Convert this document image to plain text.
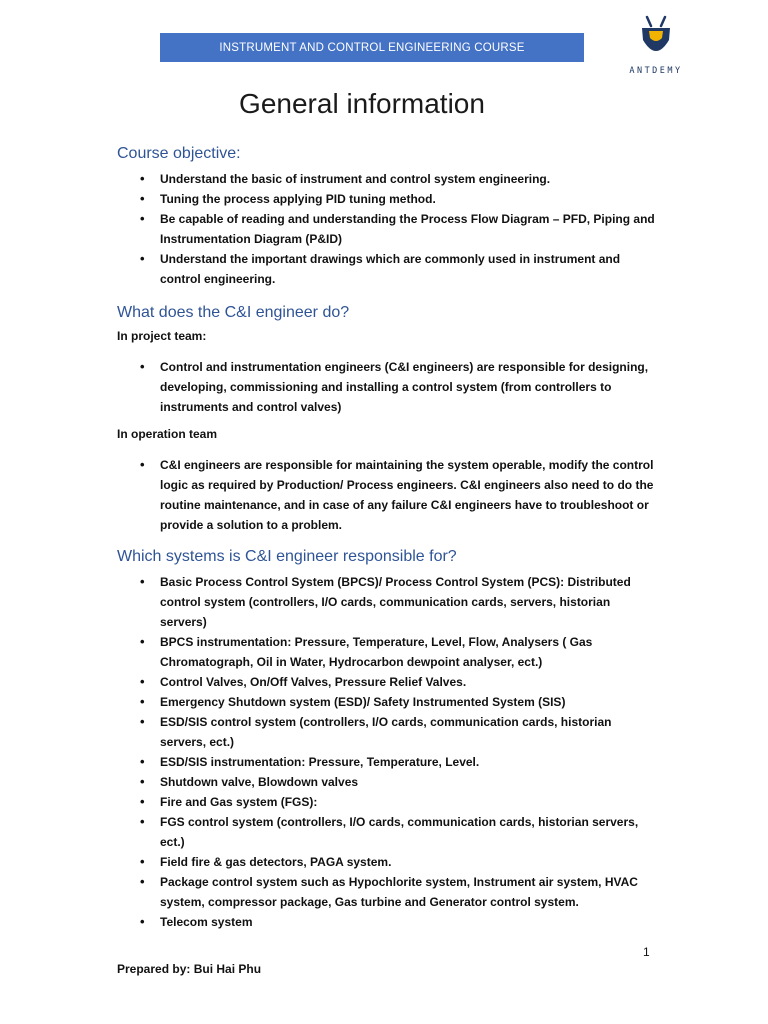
INSTRUMENT AND CONTROL ENGINEERING COURSE
ANTDEMY
General information
Course objective:
• Understand the basic of instrument and control system engineering.
• Tuning the process applying PID tuning method.
• Be capable of reading and understanding the Process Flow Diagram – PFD, Piping and Instrumentation Diagram (P&ID)
• Understand the important drawings which are commonly used in instrument and control engineering.
What does the C&I engineer do?
In project team:
• Control and instrumentation engineers (C&I engineers) are responsible for designing, developing, commissioning and installing a control system (from controllers to instruments and control valves)
In operation team
• C&I engineers are responsible for maintaining the system operable, modify the control logic as required by Production/ Process engineers. C&I engineers also need to do the routine maintenance, and in case of any failure C&I engineers have to troubleshoot or provide a solution to a problem.
Which systems is C&I engineer responsible for?
• Basic Process Control System (BPCS)/ Process Control System (PCS): Distributed control system (controllers, I/O cards, communication cards, servers, historian servers)
• BPCS instrumentation: Pressure, Temperature, Level, Flow, Analysers ( Gas Chromatograph, Oil in Water, Hydrocarbon dewpoint analyser, ect.)
• Control Valves, On/Off Valves, Pressure Relief Valves.
• Emergency Shutdown system (ESD)/ Safety Instrumented System (SIS)
• ESD/SIS control system (controllers, I/O cards, communication cards, historian servers, ect.)
• ESD/SIS instrumentation: Pressure, Temperature, Level.
• Shutdown valve, Blowdown valves
• Fire and Gas system (FGS):
• FGS control system (controllers, I/O cards, communication cards, historian servers, ect.)
• Field fire & gas detectors, PAGA system.
• Package control system such as Hypochlorite system, Instrument air system, HVAC system, compressor package, Gas turbine and Generator control system.
• Telecom system
1
Prepared by: Bui Hai Phu
